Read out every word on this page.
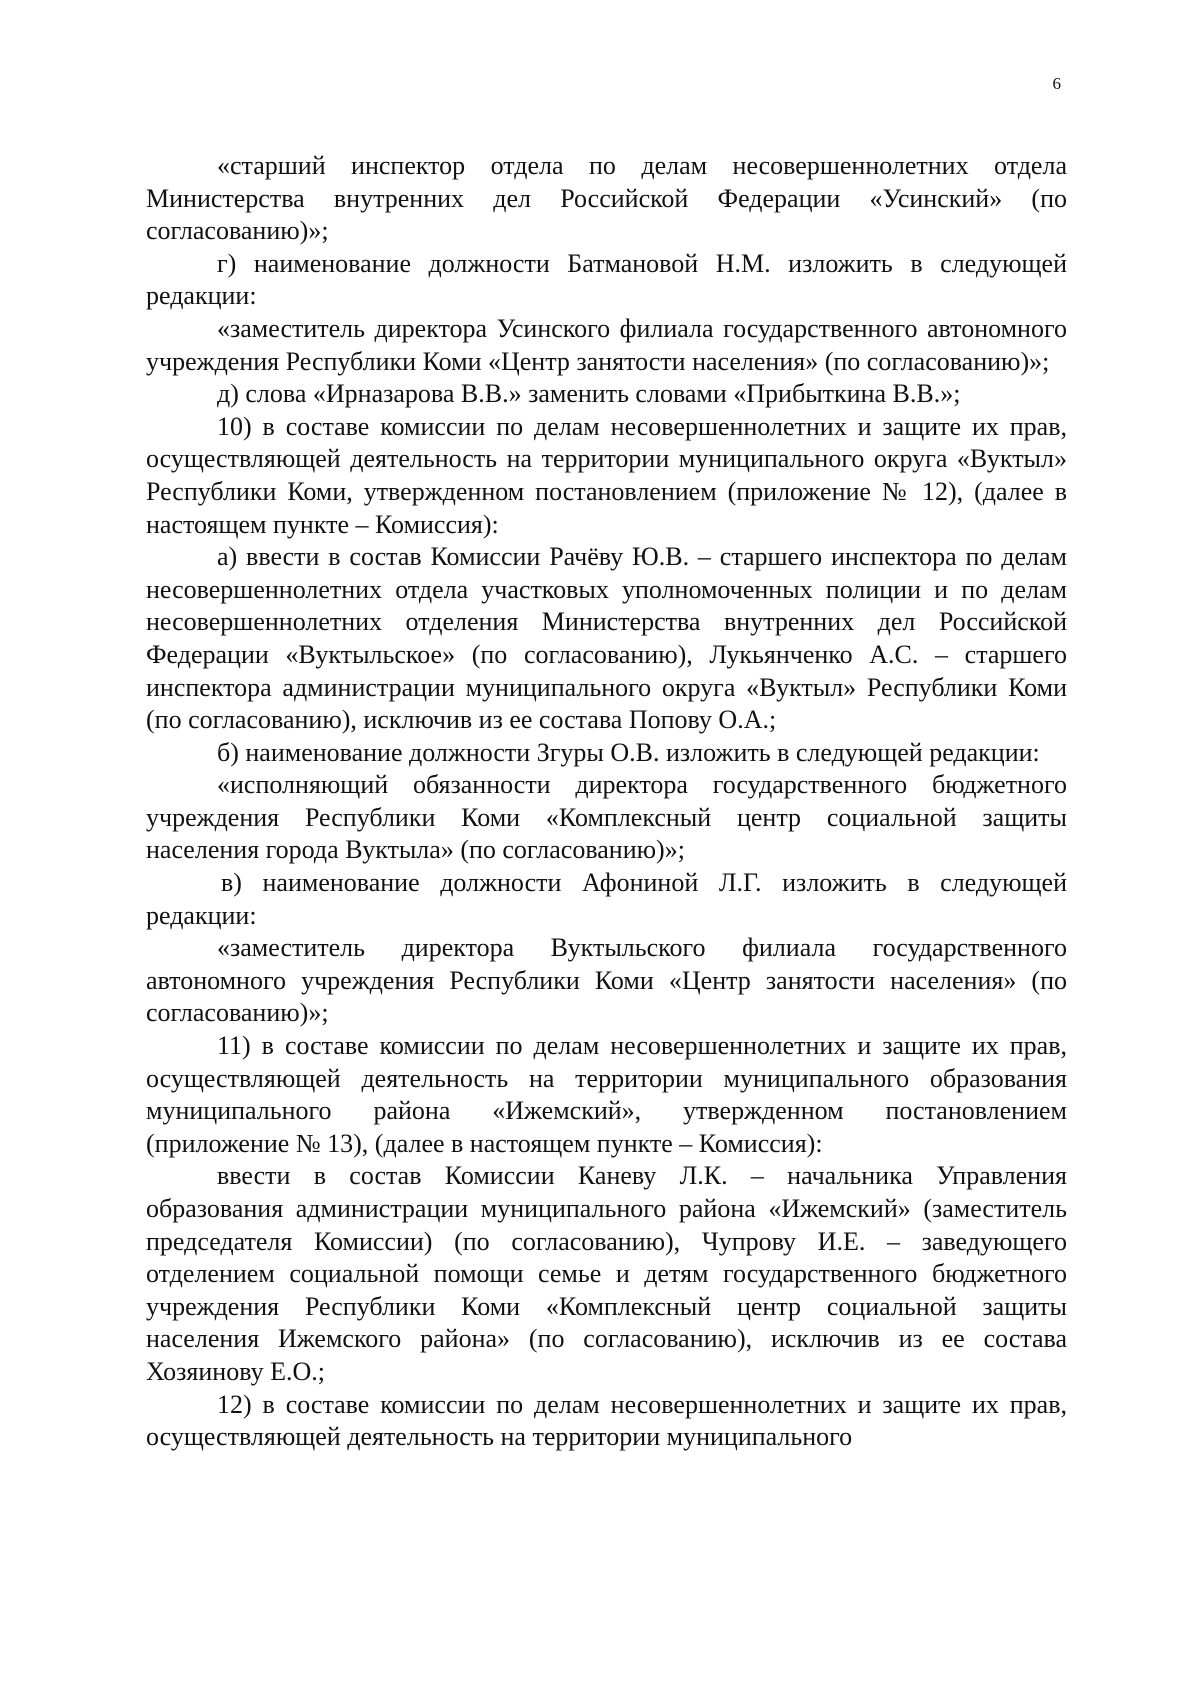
6

«старший инспектор отдела по делам несовершеннолетних отдела Министерства внутренних дел Российской Федерации «Усинский» (по согласованию)»;

г) наименование должности Батмановой Н.М. изложить в следующей редакции:

«заместитель директора Усинского филиала государственного автономного учреждения Республики Коми «Центр занятости населения» (по согласованию)»;

д) слова «Ирназарова В.В.» заменить словами «Прибыткина В.В.»;

10) в составе комиссии по делам несовершеннолетних и защите их прав, осуществляющей деятельность на территории муниципального округа «Вуктыл» Республики Коми, утвержденном постановлением (приложение № 12), (далее в настоящем пункте – Комиссия):

а) ввести в состав Комиссии Рачёву Ю.В. – старшего инспектора по делам несовершеннолетних отдела участковых уполномоченных полиции и по делам несовершеннолетних отделения Министерства внутренних дел Российской Федерации «Вуктыльское» (по согласованию), Лукьянченко А.С. – старшего инспектора администрации муниципального округа «Вуктыл» Республики Коми (по согласованию), исключив из ее состава Попову О.А.;

б) наименование должности Згуры О.В. изложить в следующей редакции:

«исполняющий обязанности директора государственного бюджетного учреждения Республики Коми «Комплексный центр социальной защиты населения города Вуктыла» (по согласованию)»;

в) наименование должности Афониной Л.Г. изложить в следующей редакции:

«заместитель директора Вуктыльского филиала государственного автономного учреждения Республики Коми «Центр занятости населения» (по согласованию)»;

11) в составе комиссии по делам несовершеннолетних и защите их прав, осуществляющей деятельность на территории муниципального образования муниципального района «Ижемский», утвержденном постановлением (приложение № 13), (далее в настоящем пункте – Комиссия):

ввести в состав Комиссии Каневу Л.К. – начальника Управления образования администрации муниципального района «Ижемский» (заместитель председателя Комиссии) (по согласованию), Чупрову И.Е. – заведующего отделением социальной помощи семье и детям государственного бюджетного учреждения Республики Коми «Комплексный центр социальной защиты населения Ижемского района» (по согласованию), исключив из ее состава Хозяинову Е.О.;

12) в составе комиссии по делам несовершеннолетних и защите их прав, осуществляющей деятельность на территории муниципального
